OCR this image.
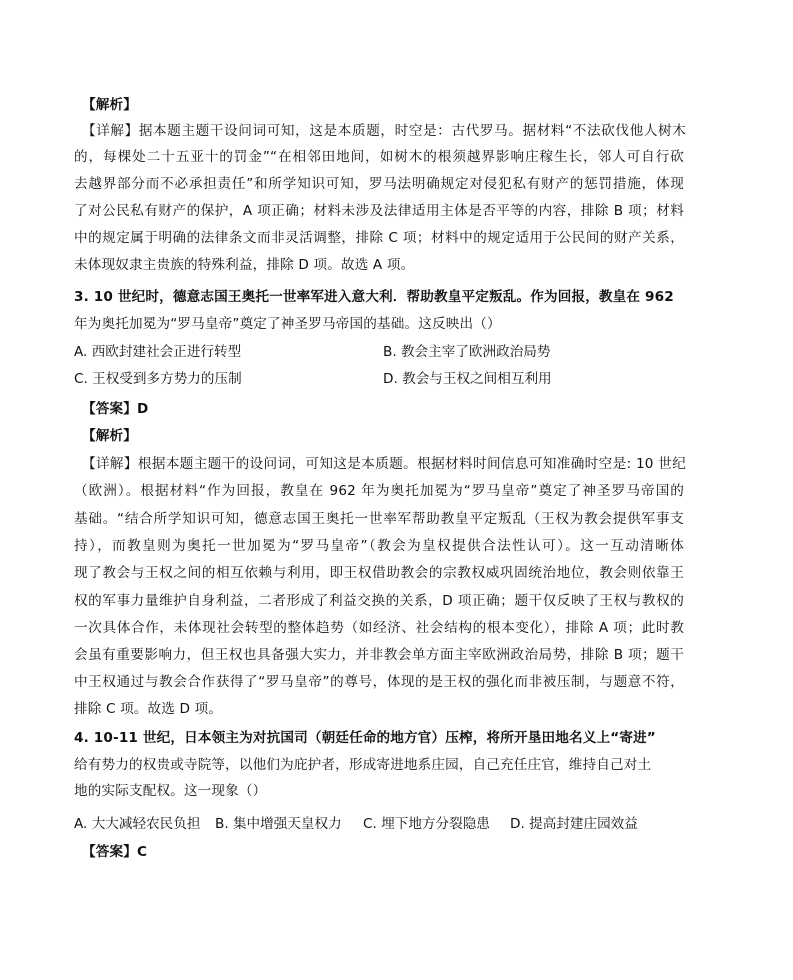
【解析】
【详解】据本题主题干设问词可知，这是本质题，时空是：古代罗马。据材料“不法砍伐他人树木
的，每棵处二十五亚十的罚金”“在相邻田地间，如树木的根须越界影响庄稼生长，邻人可自行砍
去越界部分而不必承担责任”和所学知识可知，罗马法明确规定对侵犯私有财产的惩罚措施，体现
了对公民私有财产的保护，A 项正确；材料未涉及法律适用主体是否平等的内容，排除 B 项；材料
中的规定属于明确的法律条文而非灵活调整，排除 C 项；材料中的规定适用于公民间的财产关系，
未体现奴隶主贵族的特殊利益，排除 D 项。故选 A 项。
3. 10 世纪时，德意志国王奥托一世率军进入意大利．帮助教皇平定叛乱。作为回报，教皇在 962
年为奥托加冕为“罗马皇帝”奠定了神圣罗马帝国的基础。这反映出（）
A. 西欧封建社会正进行转型	B. 教会主宰了欧洲政治局势
C. 王权受到多方势力的压制	D. 教会与王权之间相互利用
【答案】D
【解析】
【详解】根据本题主题干的设问词，可知这是本质题。根据材料时间信息可知准确时空是: 10 世纪
（欧洲）。根据材料“作为回报，教皇在 962 年为奥托加冕为“罗马皇帝”奠定了神圣罗马帝国的
基础。“结合所学知识可知，德意志国王奥托一世率军帮助教皇平定叛乱（王权为教会提供军事支
持），而教皇则为奥托一世加冕为“罗马皇帝”（教会为皇权提供合法性认可）。这一互动清晰体
现了教会与王权之间的相互依赖与利用，即王权借助教会的宗教权威巩固统治地位，教会则依靠王
权的军事力量维护自身利益，二者形成了利益交换的关系，D 项正确；题干仅反映了王权与教权的
一次具体合作，未体现社会转型的整体趋势（如经济、社会结构的根本变化），排除 A 项；此时教
会虽有重要影响力，但王权也具备强大实力，并非教会单方面主宰欧洲政治局势，排除 B 项；题干
中王权通过与教会合作获得了“罗马皇帝”的尊号，体现的是王权的强化而非被压制，与题意不符，
排除 C 项。故选 D 项。
4. 10-11 世纪，日本领主为对抗国司（朝廷任命的地方官）压榨，将所开垦田地名义上“寄进”
给有势力的权贵或寺院等，以他们为庇护者，形成寄进地系庄园，自己充任庄官，维持自己对土
地的实际支配权。这一现象（）
A. 大大减轻农民负担 B. 集中增强天皇权力 C. 埋下地方分裂隐患 D. 提高封建庄园效益
【答案】C
